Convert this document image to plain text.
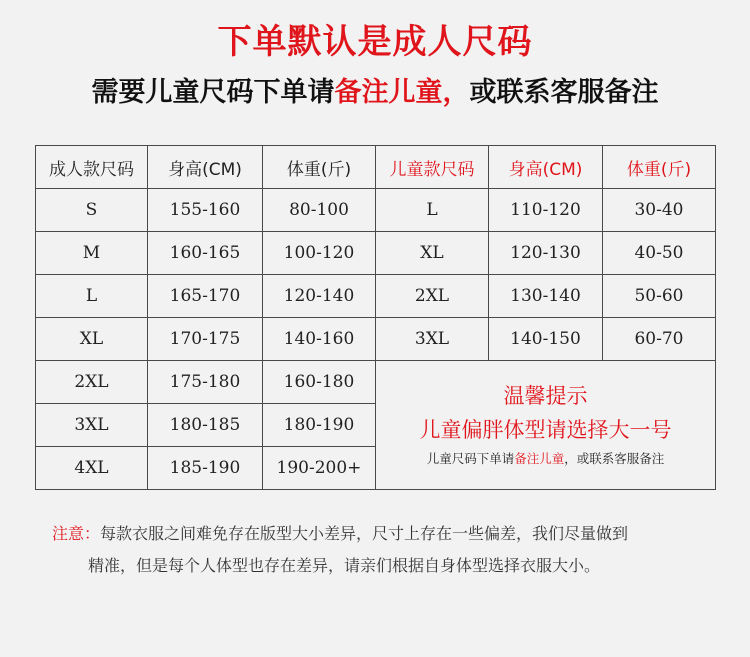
下单默认是成人尺码
需要儿童尺码下单请备注儿童，或联系客服备注
成人款尺码	身高(CM)	体重(斤)	儿童款尺码	身高(CM)	体重(斤)
S	155-160	80-100	L	110-120	30-40
M	160-165	100-120	XL	120-130	40-50
L	165-170	120-140	2XL	130-140	50-60
XL	170-175	140-160	3XL	140-150	60-70
2XL	175-180	160-180	温馨提示
儿童偏胖体型请选择大一号
儿童尺码下单请备注儿童，或联系客服备注		

3XL	180-185	180-190			
4XL	185-190	190-200+			
注意：每款衣服之间难免存在版型大小差异，尺寸上存在一些偏差，我们尽量做到
精准，但是每个人体型也存在差异，请亲们根据自身体型选择衣服大小。
